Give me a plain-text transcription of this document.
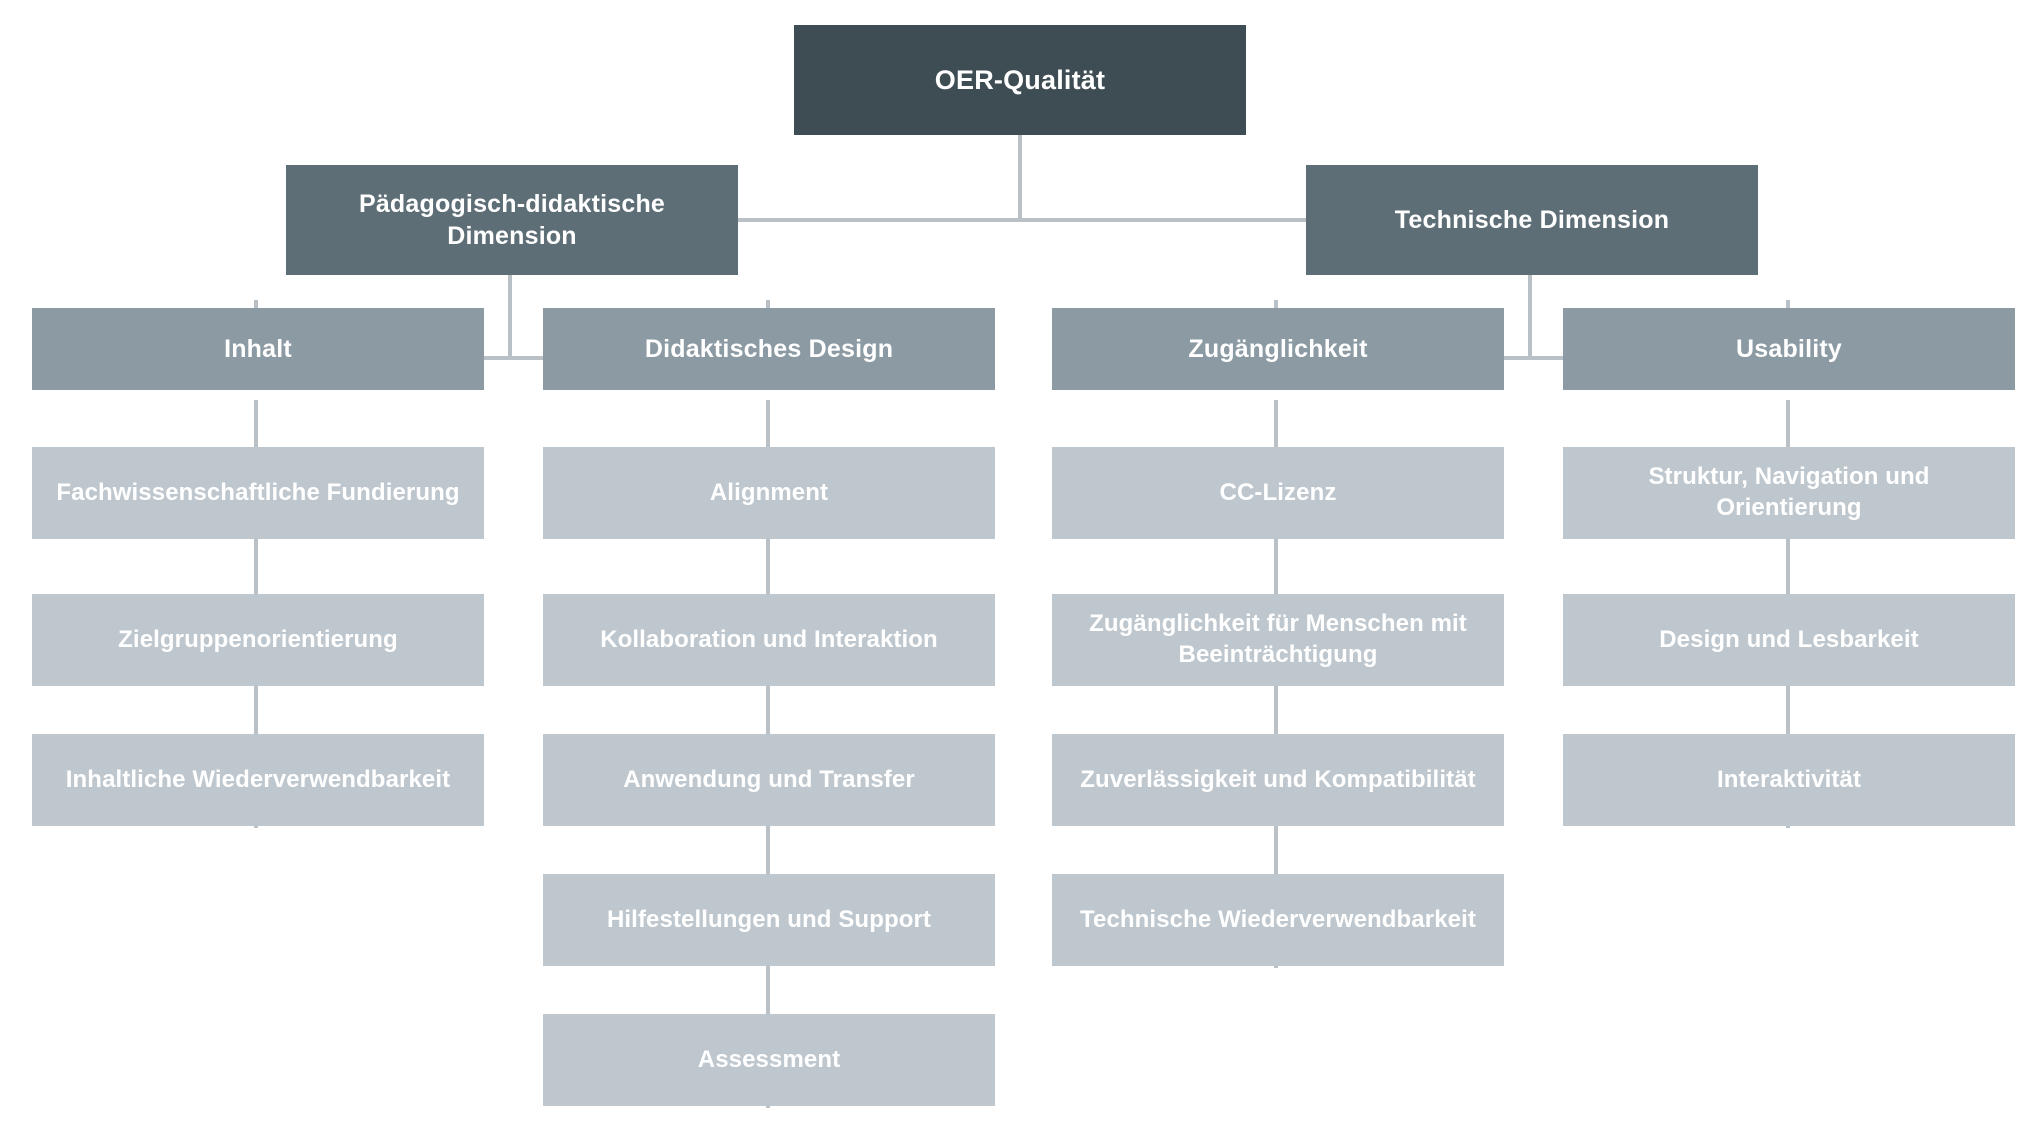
OER-Qualität
Pädagogisch-didaktische Dimension
Technische Dimension
Inhalt	Didaktisches Design	Zugänglichkeit	Usability
Fachwissenschaftliche Fundierung
Zielgruppenorientierung
Inhaltliche Wiederverwendbarkeit
Alignment
Kollaboration und Interaktion
Anwendung und Transfer
Hilfestellungen und Support
Assessment
CC-Lizenz
Zugänglichkeit für Menschen mit Beeinträchtigung
Zuverlässigkeit und Kompatibilität
Technische Wiederverwendbarkeit
Struktur, Navigation und Orientierung
Design und Lesbarkeit
Interaktivität
